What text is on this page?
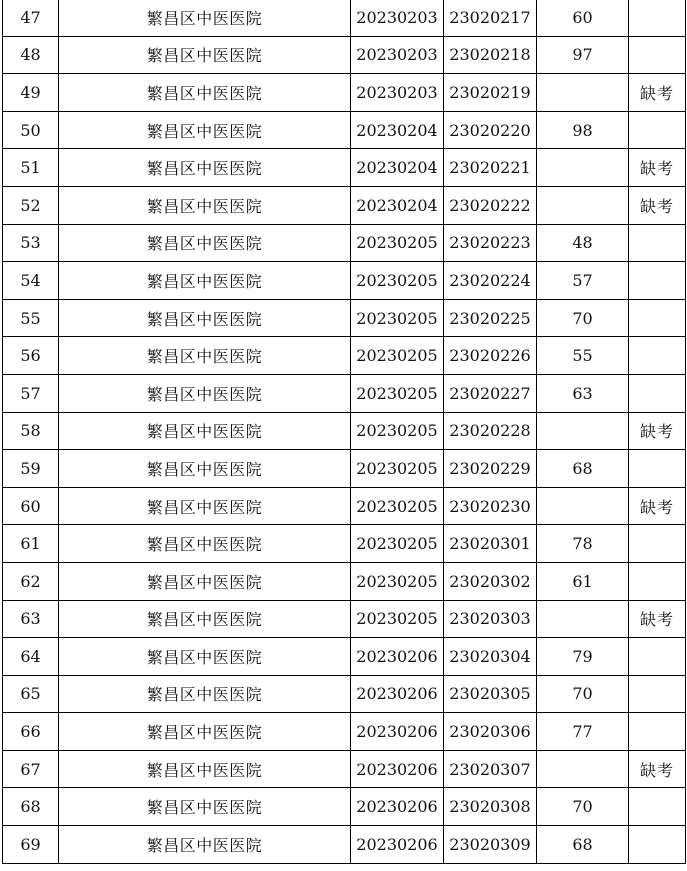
47	繁昌区中医医院	20230203	23020217	60	
48	繁昌区中医医院	20230203	23020218	97	
49	繁昌区中医医院	20230203	23020219		缺考
50	繁昌区中医医院	20230204	23020220	98	
51	繁昌区中医医院	20230204	23020221		缺考
52	繁昌区中医医院	20230204	23020222		缺考
53	繁昌区中医医院	20230205	23020223	48	
54	繁昌区中医医院	20230205	23020224	57	
55	繁昌区中医医院	20230205	23020225	70	
56	繁昌区中医医院	20230205	23020226	55	
57	繁昌区中医医院	20230205	23020227	63	
58	繁昌区中医医院	20230205	23020228		缺考
59	繁昌区中医医院	20230205	23020229	68	
60	繁昌区中医医院	20230205	23020230		缺考
61	繁昌区中医医院	20230205	23020301	78	
62	繁昌区中医医院	20230205	23020302	61	
63	繁昌区中医医院	20230205	23020303		缺考
64	繁昌区中医医院	20230206	23020304	79	
65	繁昌区中医医院	20230206	23020305	70	
66	繁昌区中医医院	20230206	23020306	77	
67	繁昌区中医医院	20230206	23020307		缺考
68	繁昌区中医医院	20230206	23020308	70	
69	繁昌区中医医院	20230206	23020309	68	
